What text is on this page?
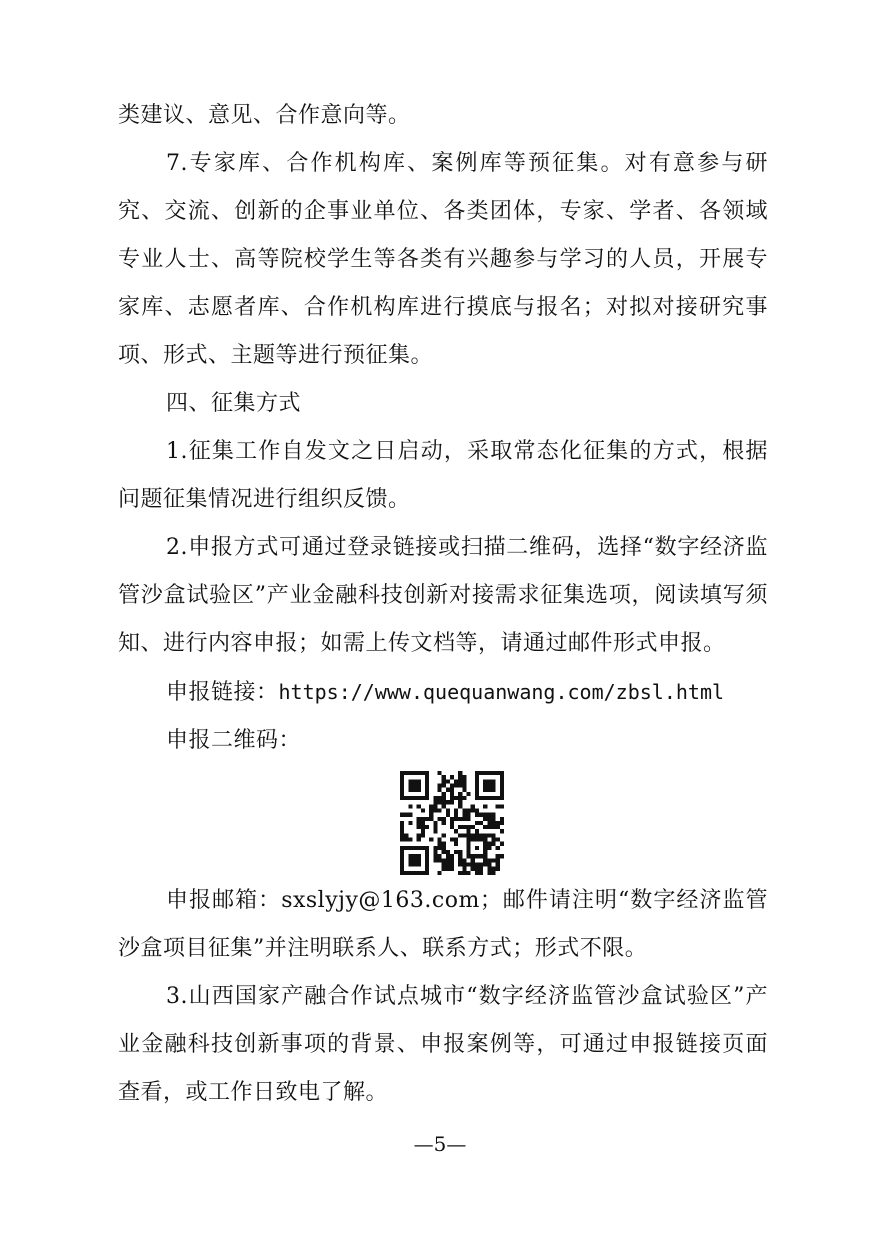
类建议、意见、合作意向等。

7.专家库、合作机构库、案例库等预征集。对有意参与研究、交流、创新的企事业单位、各类团体，专家、学者、各领域专业人士、高等院校学生等各类有兴趣参与学习的人员，开展专家库、志愿者库、合作机构库进行摸底与报名；对拟对接研究事项、形式、主题等进行预征集。

四、征集方式

1.征集工作自发文之日启动，采取常态化征集的方式，根据问题征集情况进行组织反馈。

2.申报方式可通过登录链接或扫描二维码，选择“数字经济监管沙盒试验区”产业金融科技创新对接需求征集选项，阅读填写须知、进行内容申报；如需上传文档等，请通过邮件形式申报。

申报链接：https://www.quequanwang.com/zbsl.html

申报二维码：

申报邮箱：sxslyjy@163.com；邮件请注明“数字经济监管沙盒项目征集”并注明联系人、联系方式；形式不限。

3.山西国家产融合作试点城市“数字经济监管沙盒试验区”产业金融科技创新事项的背景、申报案例等，可通过申报链接页面查看，或工作日致电了解。

—5—
